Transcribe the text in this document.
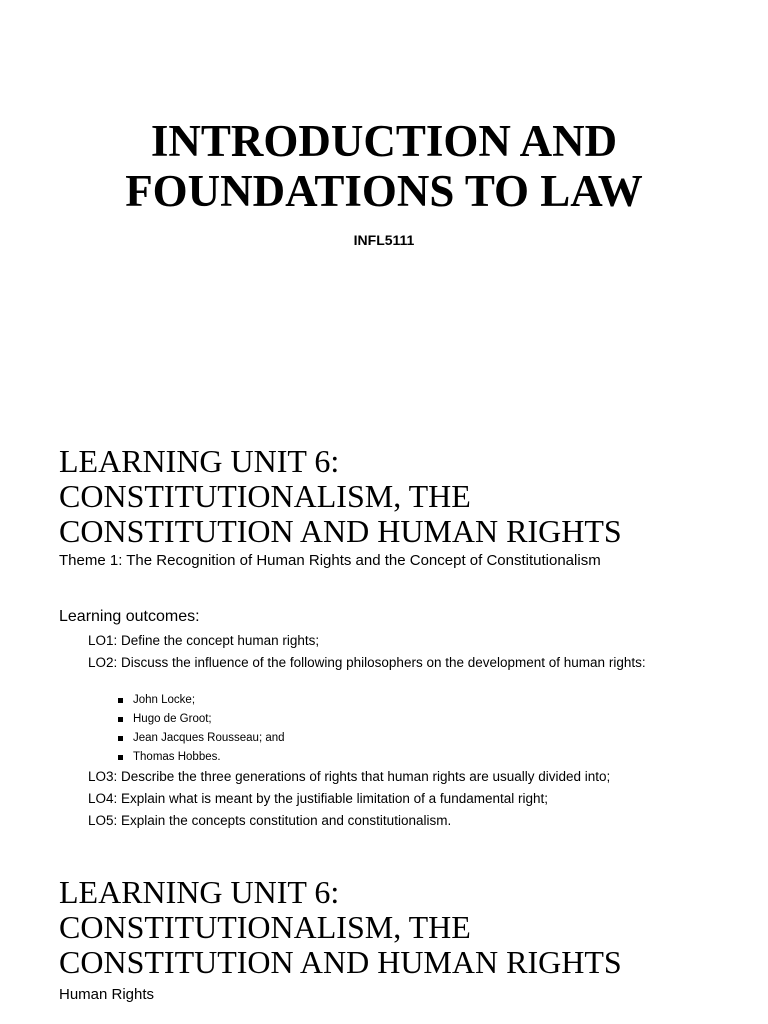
INTRODUCTION AND
FOUNDATIONS TO LAW
INFL5111
LEARNING UNIT 6:
CONSTITUTIONALISM, THE
CONSTITUTION AND HUMAN RIGHTS
Theme 1: The Recognition of Human Rights and the Concept of Constitutionalism
Learning outcomes:
LO1: Define the concept human rights;
LO2: Discuss the influence of the following philosophers on the development of human rights:
John Locke;
Hugo de Groot;
Jean Jacques Rousseau; and
Thomas Hobbes.
LO3: Describe the three generations of rights that human rights are usually divided into;
LO4: Explain what is meant by the justifiable limitation of a fundamental right;
LO5: Explain the concepts constitution and constitutionalism.
LEARNING UNIT 6:
CONSTITUTIONALISM, THE
CONSTITUTION AND HUMAN RIGHTS
Human Rights
